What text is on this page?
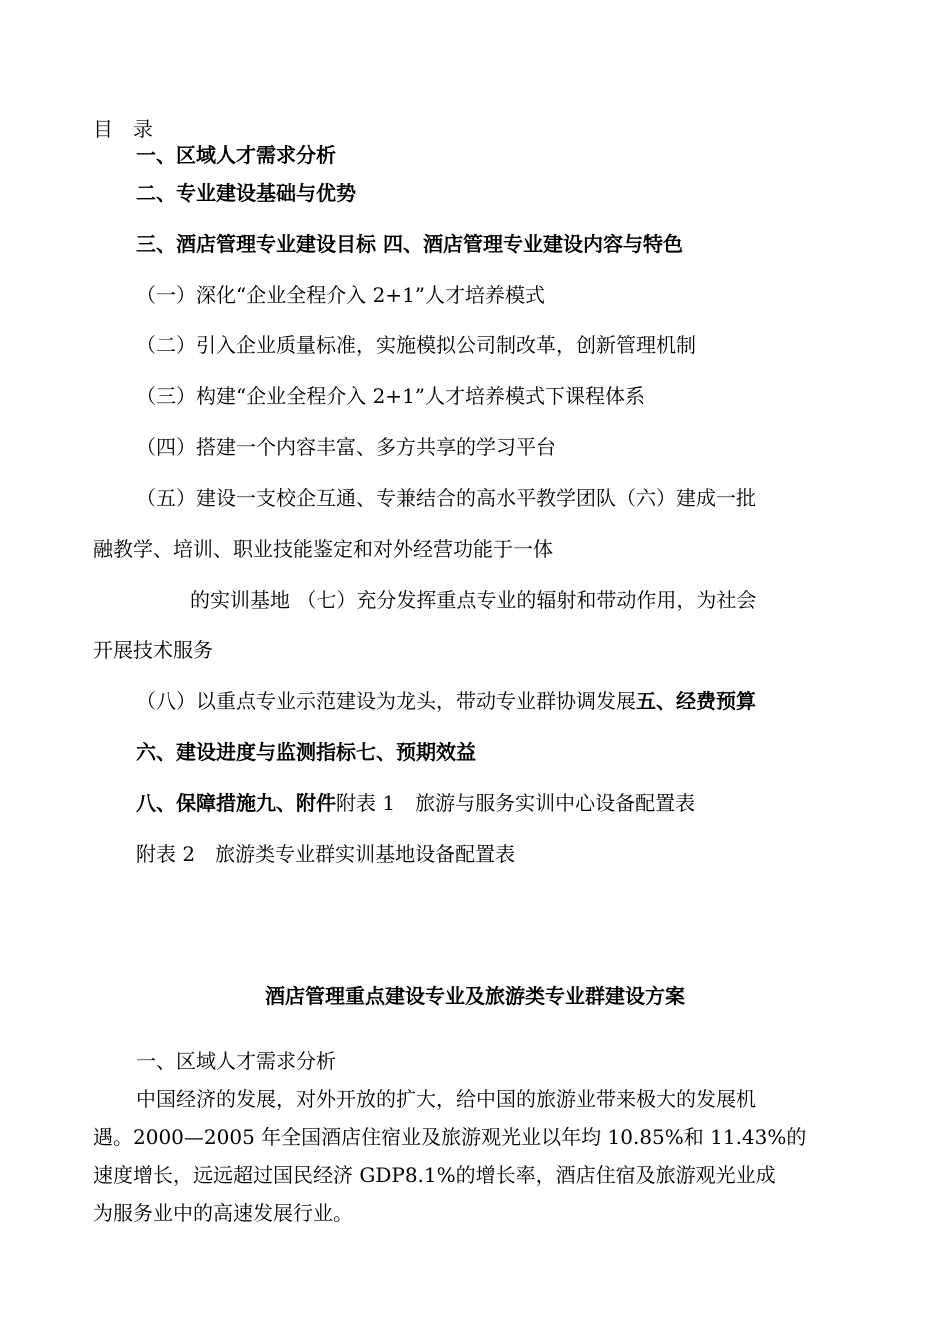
目　录
一、区域人才需求分析
二、专业建设基础与优势
三、酒店管理专业建设目标 四、酒店管理专业建设内容与特色
（一）深化“企业全程介入 2+1”人才培养模式
（二）引入企业质量标准，实施模拟公司制改革，创新管理机制
（三）构建“企业全程介入 2+1”人才培养模式下课程体系
（四）搭建一个内容丰富、多方共享的学习平台
（五）建设一支校企互通、专兼结合的高水平教学团队（六）建成一批
融教学、培训、职业技能鉴定和对外经营功能于一体
的实训基地 （七）充分发挥重点专业的辐射和带动作用，为社会
开展技术服务
（八）以重点专业示范建设为龙头，带动专业群协调发展五、经费预算
六、建设进度与监测指标七、预期效益
八、保障措施九、附件附表 1　旅游与服务实训中心设备配置表
附表 2　旅游类专业群实训基地设备配置表
酒店管理重点建设专业及旅游类专业群建设方案
一、区域人才需求分析
中国经济的发展，对外开放的扩大，给中国的旅游业带来极大的发展机
遇。2000—2005 年全国酒店住宿业及旅游观光业以年均 10.85%和 11.43%的
速度增长，远远超过国民经济 GDP8.1%的增长率，酒店住宿及旅游观光业成
为服务业中的高速发展行业。
